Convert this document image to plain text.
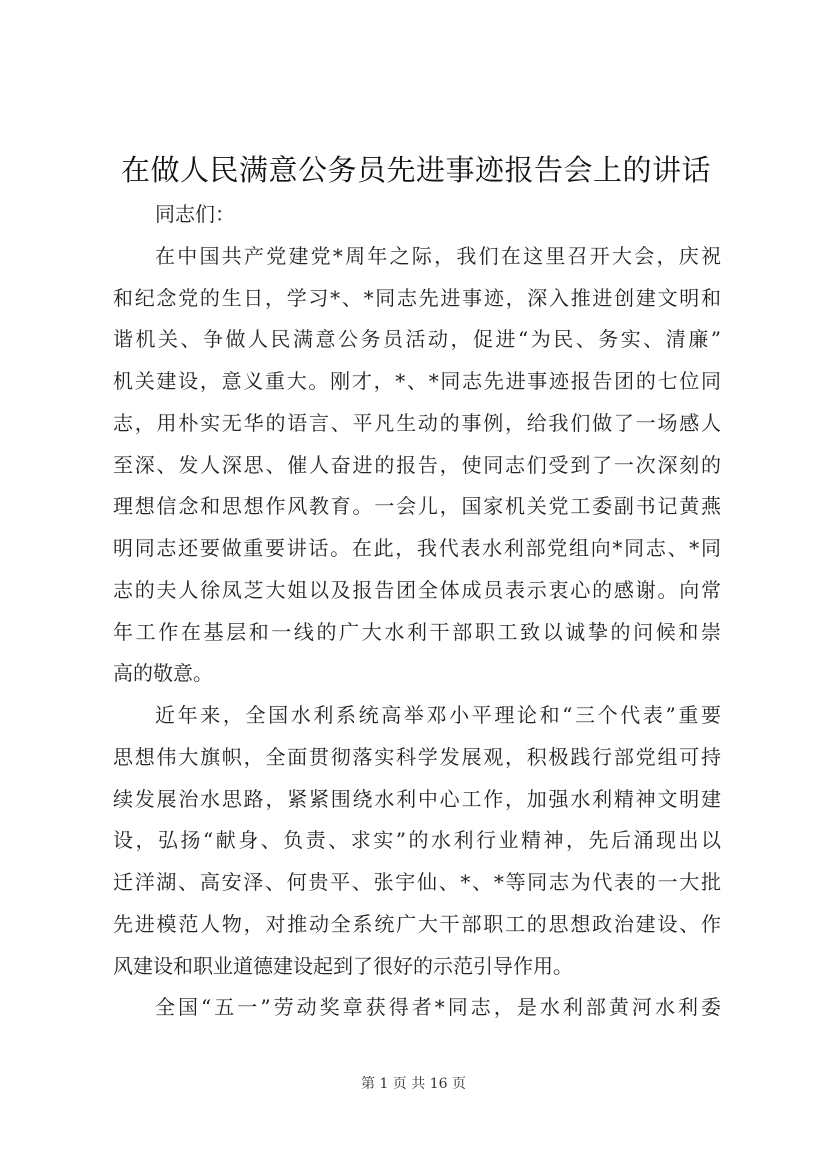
在做人民满意公务员先进事迹报告会上的讲话

同志们：

在中国共产党建党*周年之际，我们在这里召开大会，庆祝
和纪念党的生日，学习*、*同志先进事迹，深入推进创建文明和
谐机关、争做人民满意公务员活动，促进“为民、务实、清廉”
机关建设，意义重大。刚才，*、*同志先进事迹报告团的七位同
志，用朴实无华的语言、平凡生动的事例，给我们做了一场感人
至深、发人深思、催人奋进的报告，使同志们受到了一次深刻的
理想信念和思想作风教育。一会儿，国家机关党工委副书记黄燕
明同志还要做重要讲话。在此，我代表水利部党组向*同志、*同
志的夫人徐凤芝大姐以及报告团全体成员表示衷心的感谢。向常
年工作在基层和一线的广大水利干部职工致以诚挚的问候和崇
高的敬意。

近年来，全国水利系统高举邓小平理论和“三个代表”重要
思想伟大旗帜，全面贯彻落实科学发展观，积极践行部党组可持
续发展治水思路，紧紧围绕水利中心工作，加强水利精神文明建
设，弘扬“献身、负责、求实”的水利行业精神，先后涌现出以
迁洋湖、高安泽、何贵平、张宇仙、*、*等同志为代表的一大批
先进模范人物，对推动全系统广大干部职工的思想政治建设、作
风建设和职业道德建设起到了很好的示范引导作用。

全国“五一”劳动奖章获得者*同志，是水利部黄河水利委

第 1 页 共 16 页
